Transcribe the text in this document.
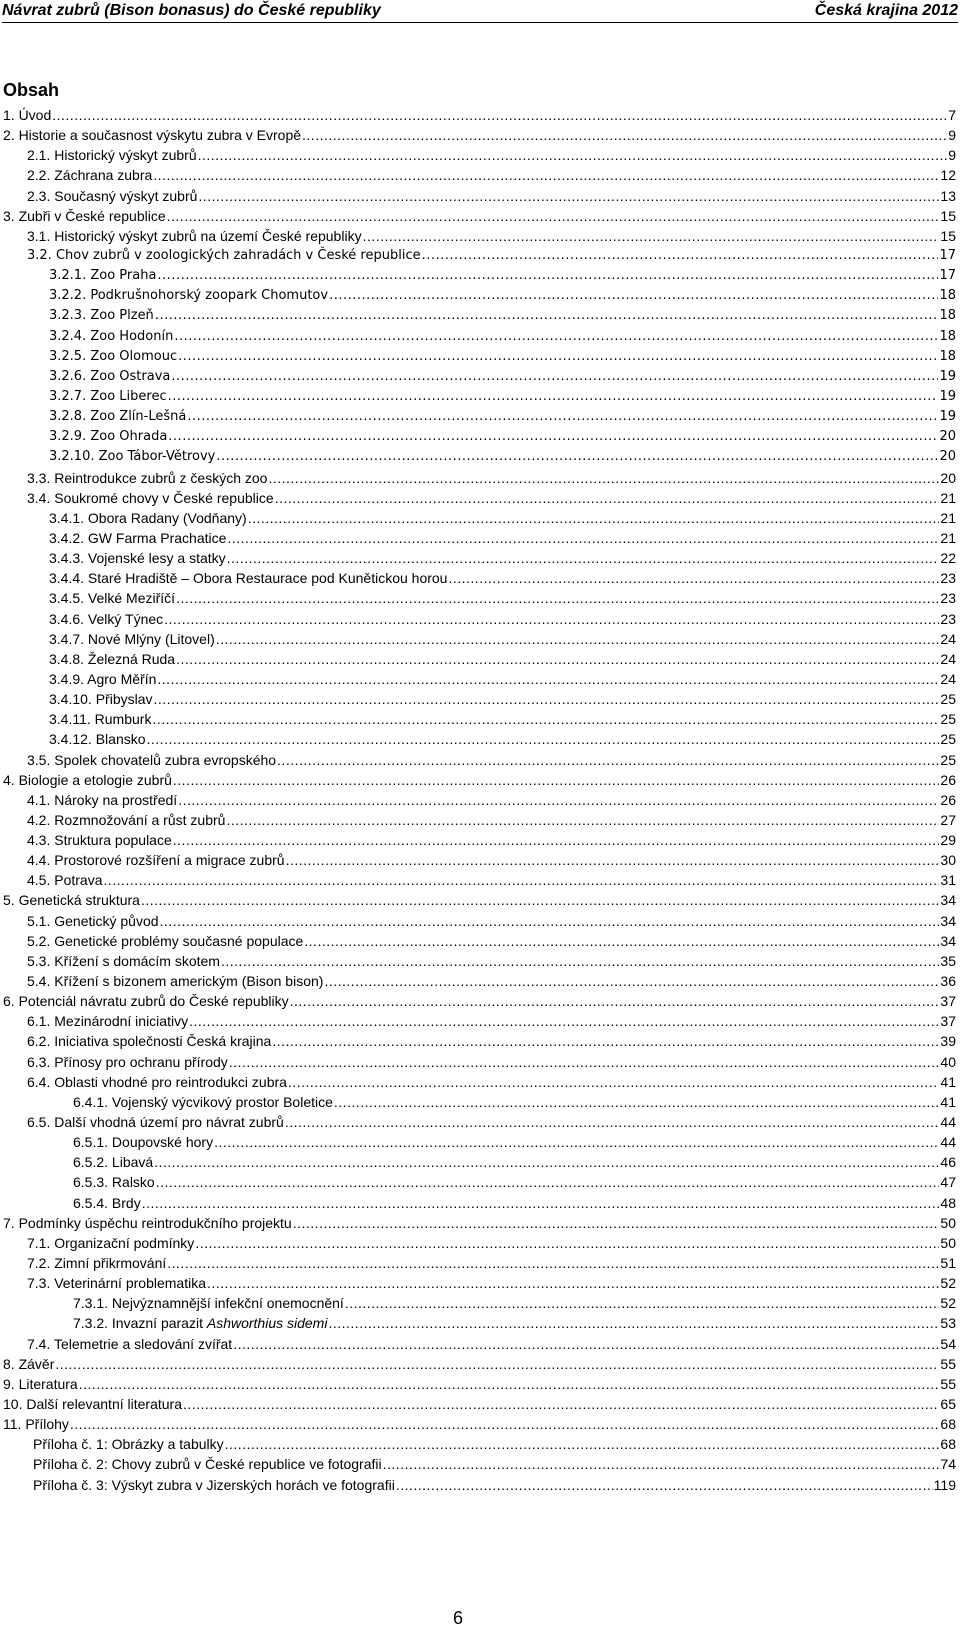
Návrat zubrů (Bison bonasus) do České republiky	Česká krajina 2012
Obsah
1. Úvod .....	7
2. Historie a současnost výskytu zubra v Evropě .....	9
2.1. Historický výskyt zubrů .....	9
2.2. Záchrana zubra .....	12
2.3. Současný výskyt zubrů .....	13
3. Zubři v České republice .....	15
3.1. Historický výskyt zubrů na území České republiky .....	15
3.2. Chov zubrů v zoologických zahradách v České republice .....	17
3.2.1. Zoo Praha .....	17
3.2.2. Podkrušnohorský zoopark Chomutov .....	18
3.2.3. Zoo Plzeň .....	18
3.2.4. Zoo Hodonín .....	18
3.2.5. Zoo Olomouc .....	18
3.2.6. Zoo Ostrava .....	19
3.2.7. Zoo Liberec .....	19
3.2.8. Zoo Zlín-Lešná .....	19
3.2.9. Zoo Ohrada .....	20
3.2.10. Zoo Tábor-Větrovy .....	20
3.3. Reintrodukce zubrů z českých zoo .....	20
3.4. Soukromé chovy v České republice .....	21
3.4.1. Obora Radany (Vodňany) .....	21
3.4.2. GW Farma Prachatice .....	21
3.4.3. Vojenské lesy a statky .....	22
3.4.4. Staré Hradiště – Obora Restaurace pod Kunětickou horou .....	23
3.4.5. Velké Meziříčí .....	23
3.4.6. Velký Týnec .....	23
3.4.7. Nové Mlýny (Litovel) .....	24
3.4.8. Železná Ruda .....	24
3.4.9. Agro Měřín .....	24
3.4.10. Přibyslav .....	25
3.4.11. Rumburk .....	25
3.4.12. Blansko .....	25
3.5. Spolek chovatelů zubra evropského .....	25
4. Biologie a etologie zubrů .....	26
4.1. Nároky na prostředí .....	26
4.2. Rozmnožování a růst zubrů .....	27
4.3. Struktura populace .....	29
4.4. Prostorové rozšíření a migrace zubrů .....	30
4.5. Potrava .....	31
5. Genetická struktura .....	34
5.1. Genetický původ .....	34
5.2. Genetické problémy současné populace .....	34
5.3. Křížení s domácím skotem .....	35
5.4. Křížení s bizonem americkým (Bison bison) .....	36
6. Potenciál návratu zubrů do České republiky .....	37
6.1. Mezinárodní iniciativy .....	37
6.2. Iniciativa společnosti Česká krajina .....	39
6.3. Přínosy pro ochranu přírody .....	40
6.4. Oblasti vhodné pro reintrodukci zubra .....	41
6.4.1. Vojenský výcvikový prostor Boletice .....	41
6.5. Další vhodná území pro návrat zubrů .....	44
6.5.1. Doupovské hory .....	44
6.5.2. Libavá .....	46
6.5.3. Ralsko .....	47
6.5.4. Brdy .....	48
7. Podmínky úspěchu reintrodukčního projektu .....	50
7.1. Organizační podmínky .....	50
7.2. Zimní přikrmování .....	51
7.3. Veterinární problematika .....	52
7.3.1. Nejvýznamnější infekční onemocnění .....	52
7.3.2. Invazní parazit Ashworthius sidemi .....	53
7.4. Telemetrie a sledování zvířat .....	54
8. Závěr .....	55
9. Literatura .....	55
10. Další relevantní literatura .....	65
11. Přílohy .....	68
Příloha č. 1: Obrázky a tabulky .....	68
Příloha č. 2: Chovy zubrů v České republice ve fotografii .....	74
Příloha č. 3: Výskyt zubra v Jizerských horách ve fotografii .....	119
6
